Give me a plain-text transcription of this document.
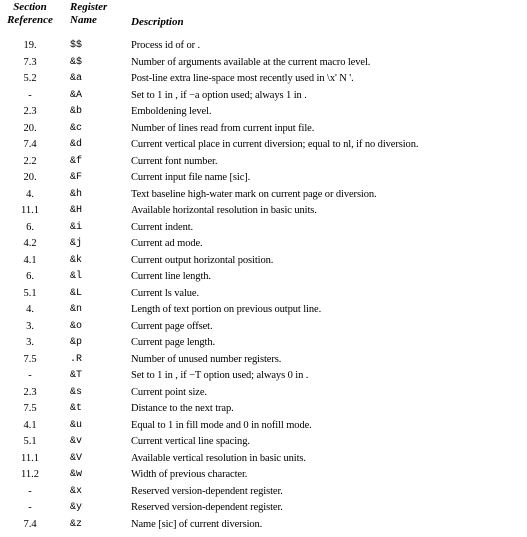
Section
Reference
Register
Name	Description
19.	$$	Process id of or .
7.3	&$	Number of arguments available at the current macro level.
5.2	&a	Post-line extra line-space most recently used in \x' N '.
-	&A	Set to 1 in , if −a option used; always 1 in .
2.3	&b	Emboldening level.
20.	&c	Number of lines read from current input file.
7.4	&d	Current vertical place in current diversion; equal to nl, if no diversion.
2.2	&f	Current font number.
20.	&F	Current input file name [sic].
4.	&h	Text baseline high-water mark on current page or diversion.
11.1	&H	Available horizontal resolution in basic units.
6.	&i	Current indent.
4.2	&j	Current ad mode.
4.1	&k	Current output horizontal position.
6.	&l	Current line length.
5.1	&L	Current ls value.
4.	&n	Length of text portion on previous output line.
3.	&o	Current page offset.
3.	&p	Current page length.
7.5	.R	Number of unused number registers.
-	&T	Set to 1 in , if −T option used; always 0 in .
2.3	&s	Current point size.
7.5	&t	Distance to the next trap.
4.1	&u	Equal to 1 in fill mode and 0 in nofill mode.
5.1	&v	Current vertical line spacing.
11.1	&V	Available vertical resolution in basic units.
11.2	&w	Width of previous character.
-	&x	Reserved version-dependent register.
-	&y	Reserved version-dependent register.
7.4	&z	Name [sic] of current diversion.
